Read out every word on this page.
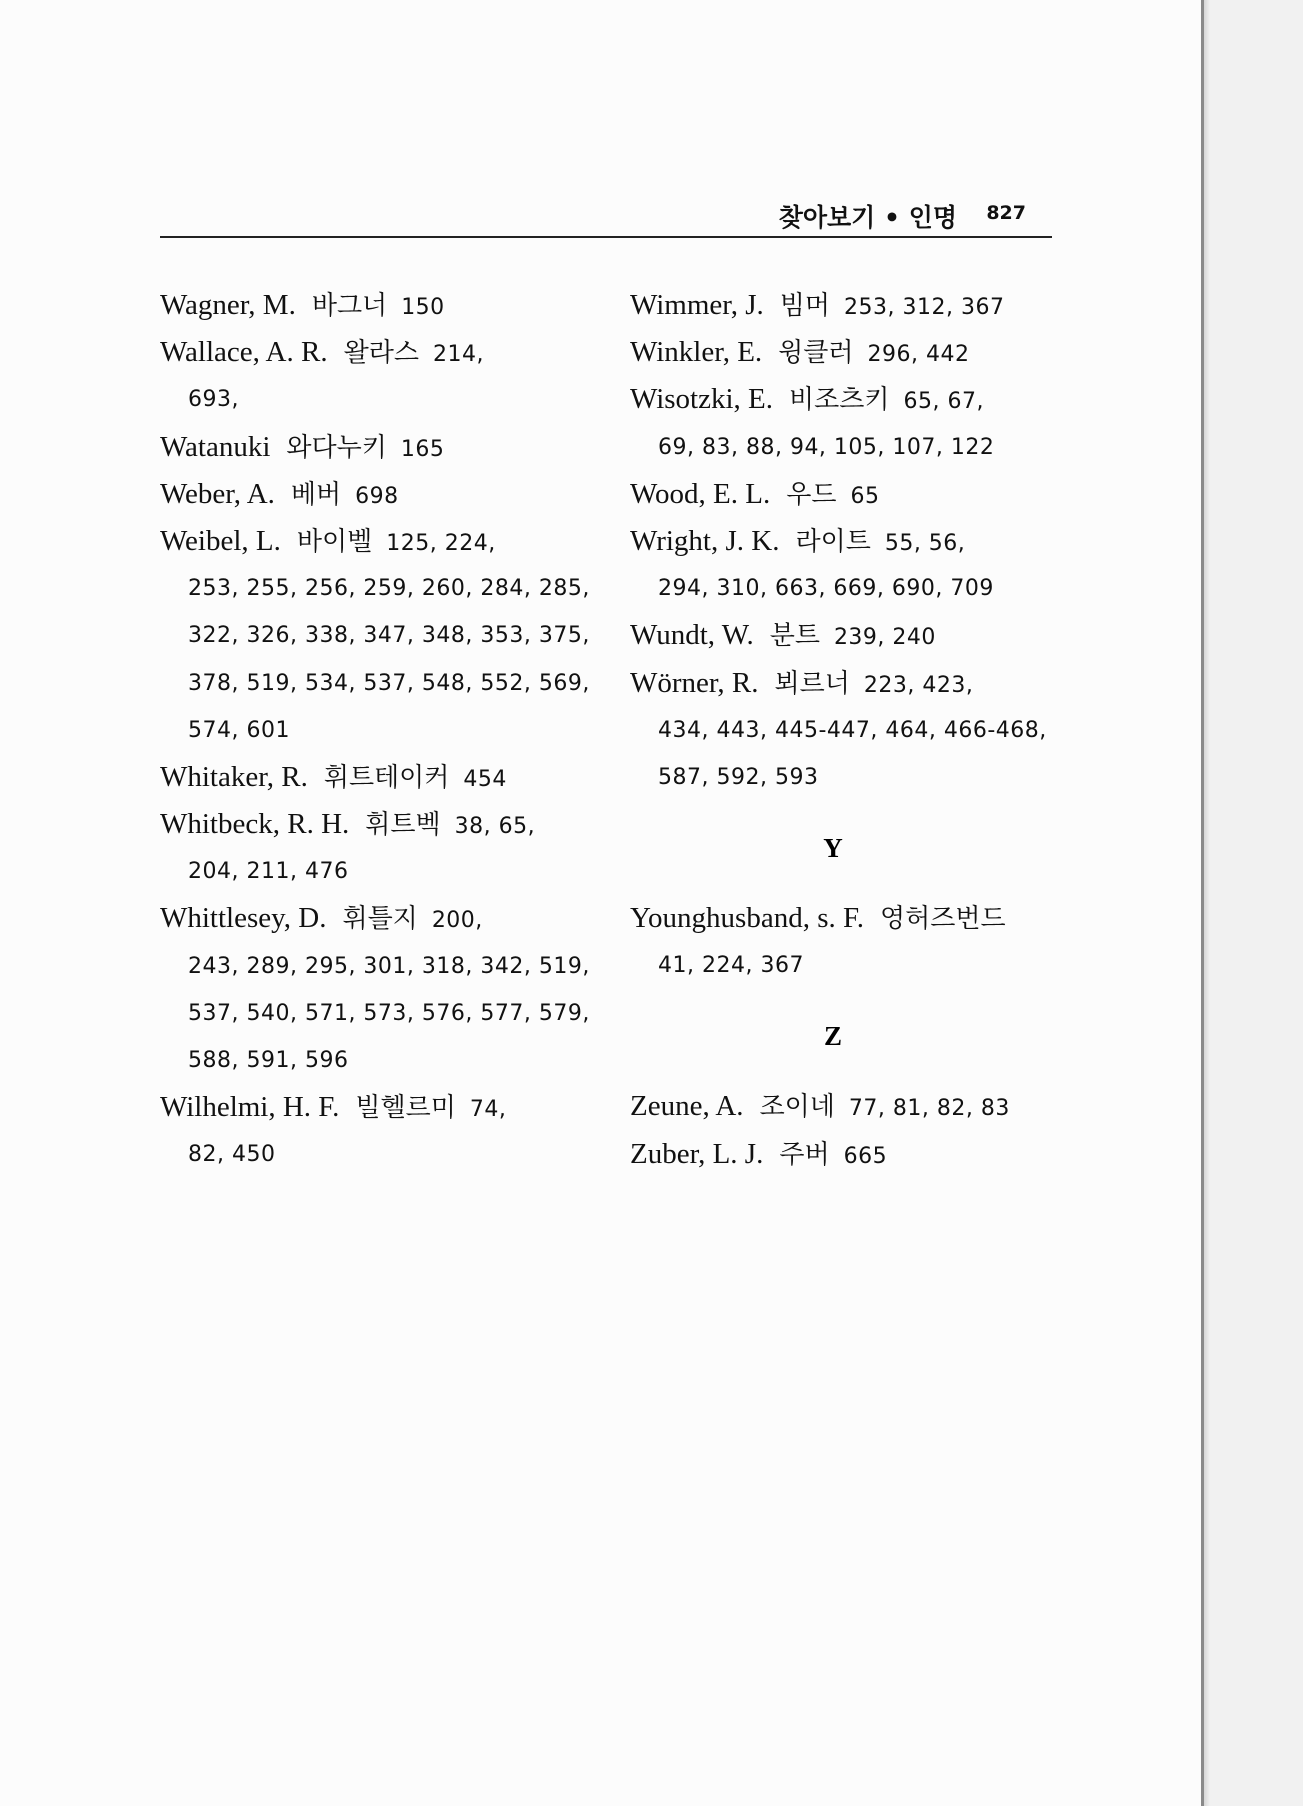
찾아보기 • 인명 827
Wagner, M. 바그너 150
Wallace, A. R. 왈라스 214,
693,
Watanuki 와다누키 165
Weber, A. 베버 698
Weibel, L. 바이벨 125, 224,
253, 255, 256, 259, 260, 284, 285,
322, 326, 338, 347, 348, 353, 375,
378, 519, 534, 537, 548, 552, 569,
574, 601
Whitaker, R. 휘트테이커 454
Whitbeck, R. H. 휘트벡 38, 65,
204, 211, 476
Whittlesey, D. 휘틀지 200,
243, 289, 295, 301, 318, 342, 519,
537, 540, 571, 573, 576, 577, 579,
588, 591, 596
Wilhelmi, H. F. 빌헬르미 74,
82, 450
Wimmer, J. 빔머 253, 312, 367
Winkler, E. 윙클러 296, 442
Wisotzki, E. 비조츠키 65, 67,
69, 83, 88, 94, 105, 107, 122
Wood, E. L. 우드 65
Wright, J. K. 라이트 55, 56,
294, 310, 663, 669, 690, 709
Wundt, W. 분트 239, 240
Wörner, R. 뵈르너 223, 423,
434, 443, 445-447, 464, 466-468,
587, 592, 593
Y
Younghusband, s. F. 영허즈번드
41, 224, 367
Z
Zeune, A. 조이네 77, 81, 82, 83
Zuber, L. J. 주버 665
